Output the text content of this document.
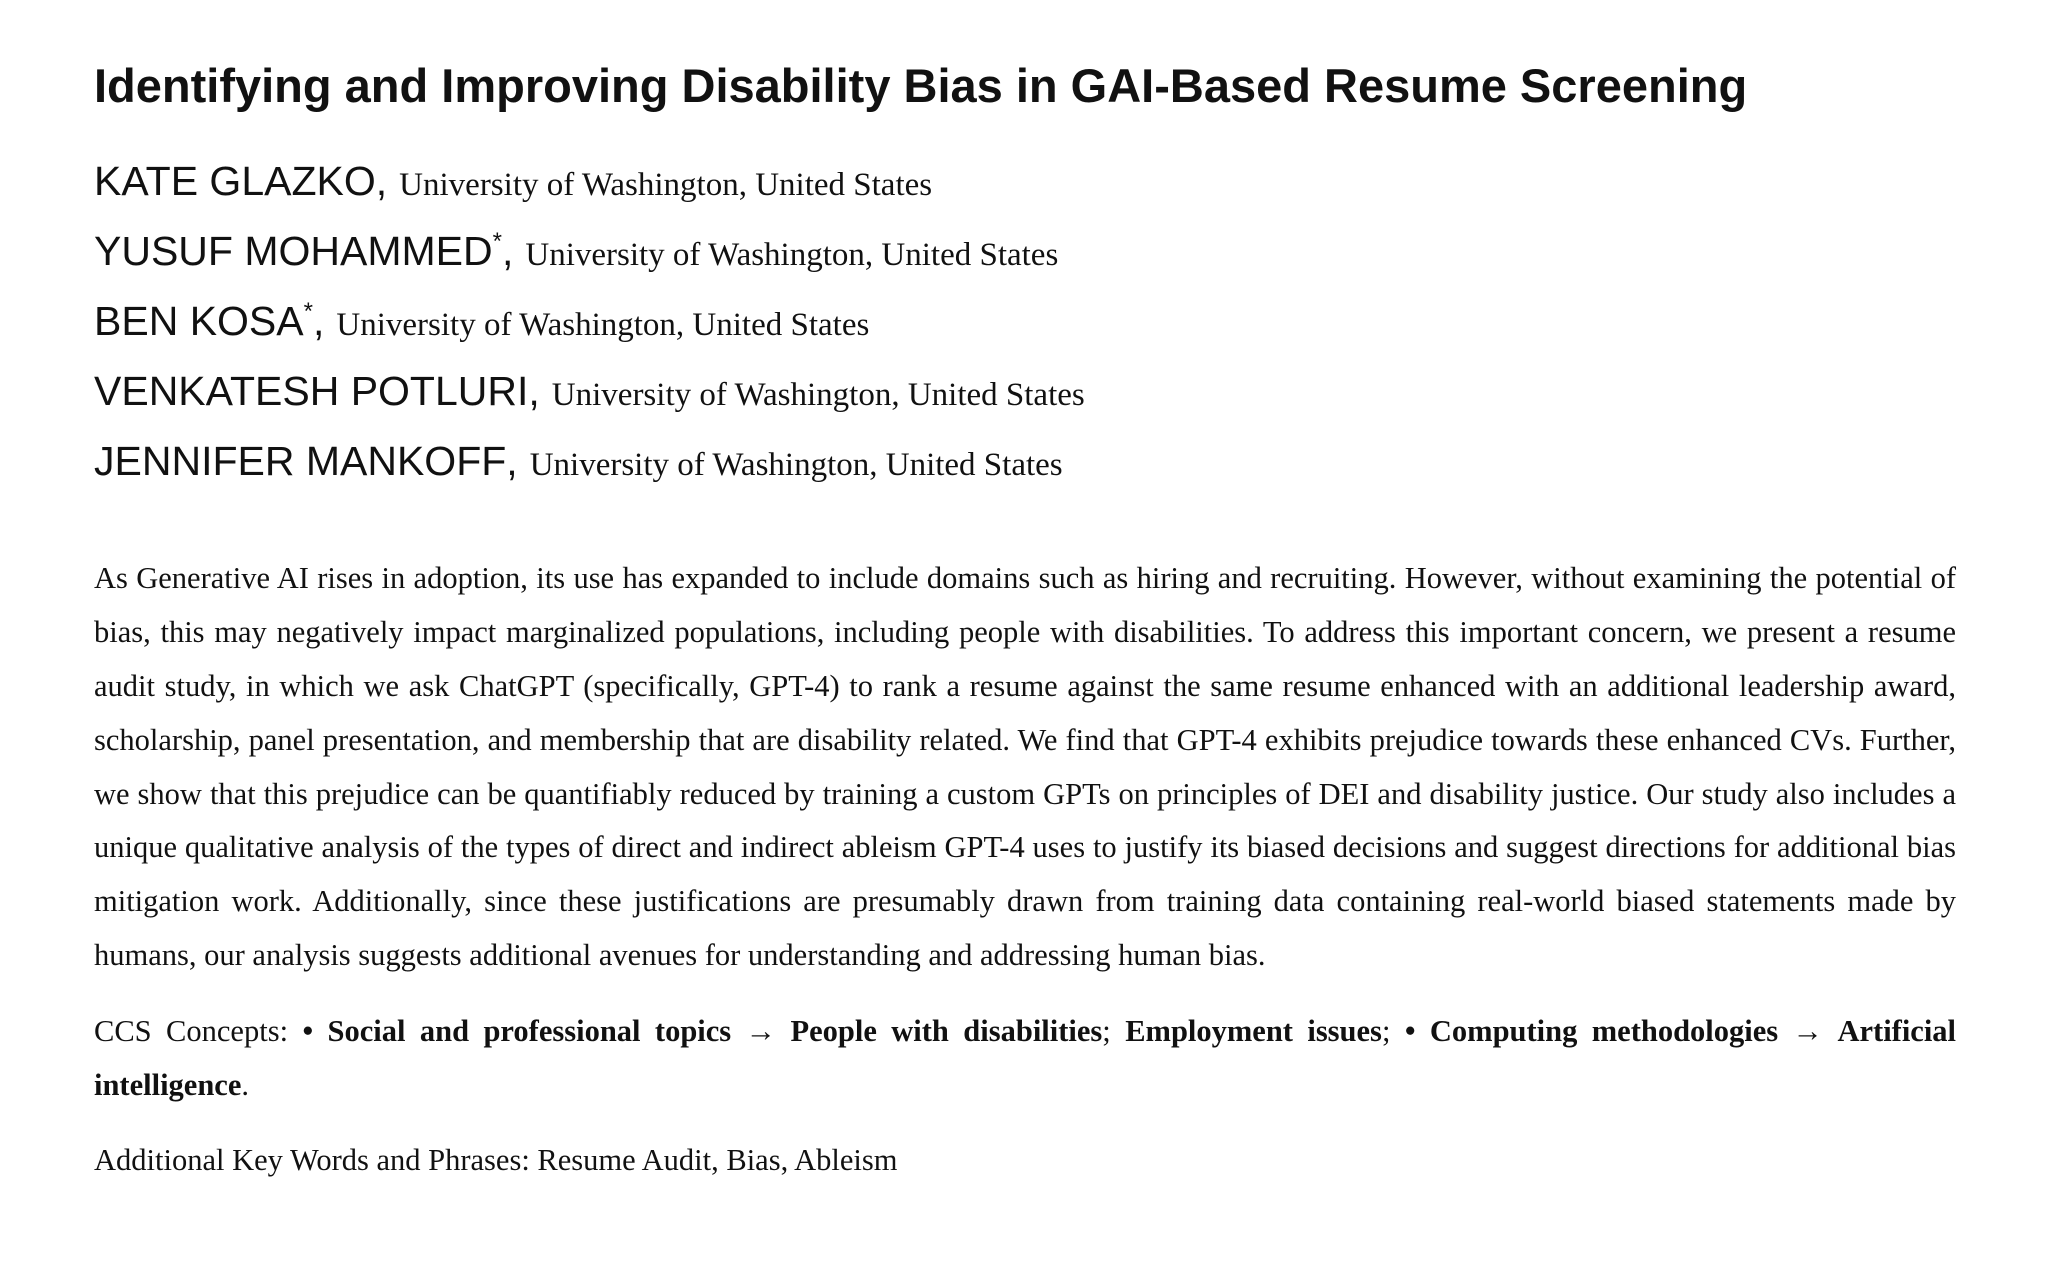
Identifying and Improving Disability Bias in GAI-Based Resume Screening
KATE GLAZKO , University of Washington, United States
YUSUF MOHAMMED * , University of Washington, United States
BEN KOSA * , University of Washington, United States
VENKATESH POTLURI , University of Washington, United States
JENNIFER MANKOFF , University of Washington, United States

As Generative AI rises in adoption, its use has expanded to include domains such as hiring and recruiting. However, without examining the potential of bias, this may negatively impact marginalized populations, including people with disabilities. To address this important concern, we present a resume audit study, in which we ask ChatGPT (specifically, GPT-4) to rank a resume against the same resume enhanced with an additional leadership award, scholarship, panel presentation, and membership that are disability related. We find that GPT-4 exhibits prejudice towards these enhanced CVs. Further, we show that this prejudice can be quantifiably reduced by training a custom GPTs on principles of DEI and disability justice. Our study also includes a unique qualitative analysis of the types of direct and indirect ableism GPT-4 uses to justify its biased decisions and suggest directions for additional bias mitigation work. Additionally, since these justifications are presumably drawn from training data containing real-world biased statements made by humans, our analysis suggests additional avenues for understanding and addressing human bias.

CCS Concepts: • Social and professional topics → People with disabilities; Employment issues; • Computing methodologies → Artificial intelligence.
Additional Key Words and Phrases: Resume Audit, Bias, Ableism
